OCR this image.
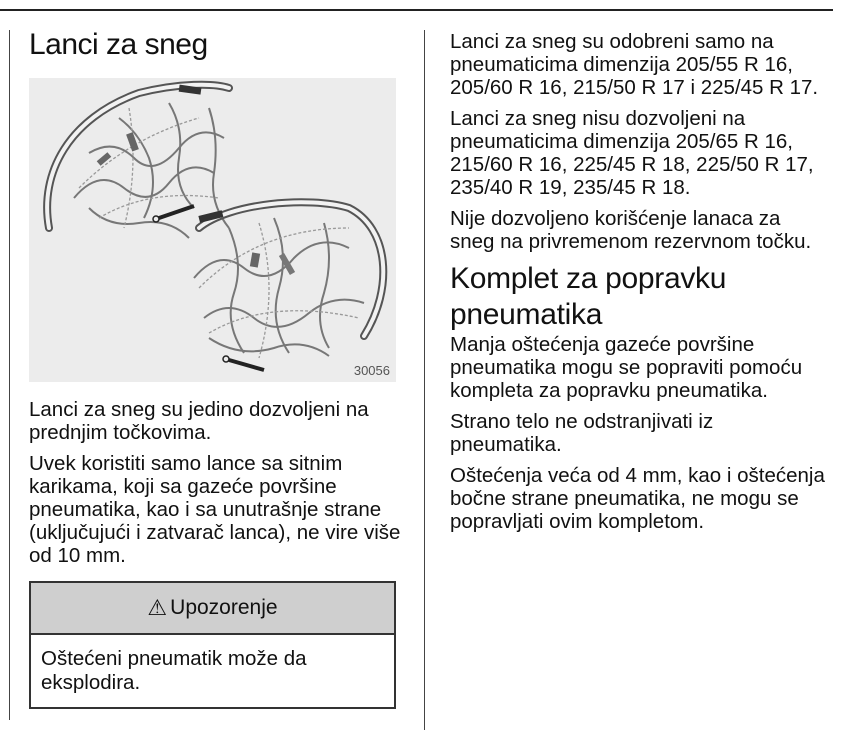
Lanci za sneg
30056

Lanci za sneg su jedino dozvoljeni na prednjim točkovima.

Uvek koristiti samo lance sa sitnim karikama, koji sa gazeće površine pneumatika, kao i sa unutrašnje strane (uključujući i zatvarač lanca), ne vire više od 10 mm.

⚠ Upozorenje
Oštećeni pneumatik može da eksplodira.

Lanci za sneg su odobreni samo na pneumaticima dimenzija 205/55 R 16, 205/60 R 16, 215/50 R 17 i 225/45 R 17.

Lanci za sneg nisu dozvoljeni na pneumaticima dimenzija 205/65 R 16, 215/60 R 16, 225/45 R 18, 225/50 R 17, 235/40 R 19, 235/45 R 18.

Nije dozvoljeno korišćenje lanaca za sneg na privremenom rezervnom točku.

Komplet za popravku pneumatika

Manja oštećenja gazeće površine pneumatika mogu se popraviti pomoću kompleta za popravku pneumatika.

Strano telo ne odstranjivati iz pneumatika.

Oštećenja veća od 4 mm, kao i oštećenja bočne strane pneumatika, ne mogu se popravljati ovim kompletom.
